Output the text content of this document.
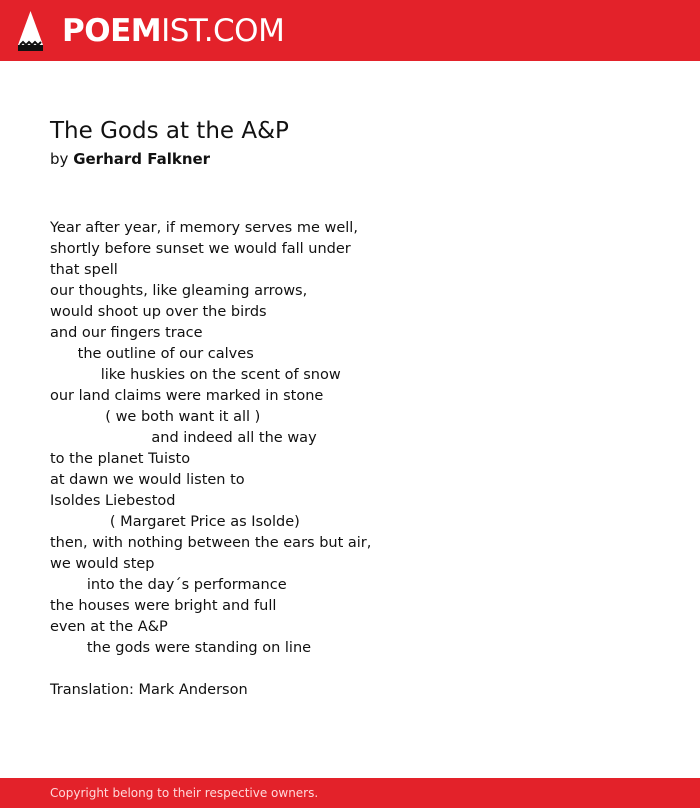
POEMIST.COM
The Gods at the A&P
by Gerhard Falkner
Year after year, if memory serves me well,
shortly before sunset we would fall under
that spell
our thoughts, like gleaming arrows,
would shoot up over the birds
and our fingers trace
the outline of our calves
like huskies on the scent of snow
our land claims were marked in stone
( we both want it all )
and indeed all the way
to the planet Tuisto
at dawn we would listen to
Isoldes Liebestod
( Margaret Price as Isolde)
then, with nothing between the ears but air,
we would step
into the day´s performance
the houses were bright and full
even at the A&P
the gods were standing on line
Translation: Mark Anderson
Copyright belong to their respective owners.
